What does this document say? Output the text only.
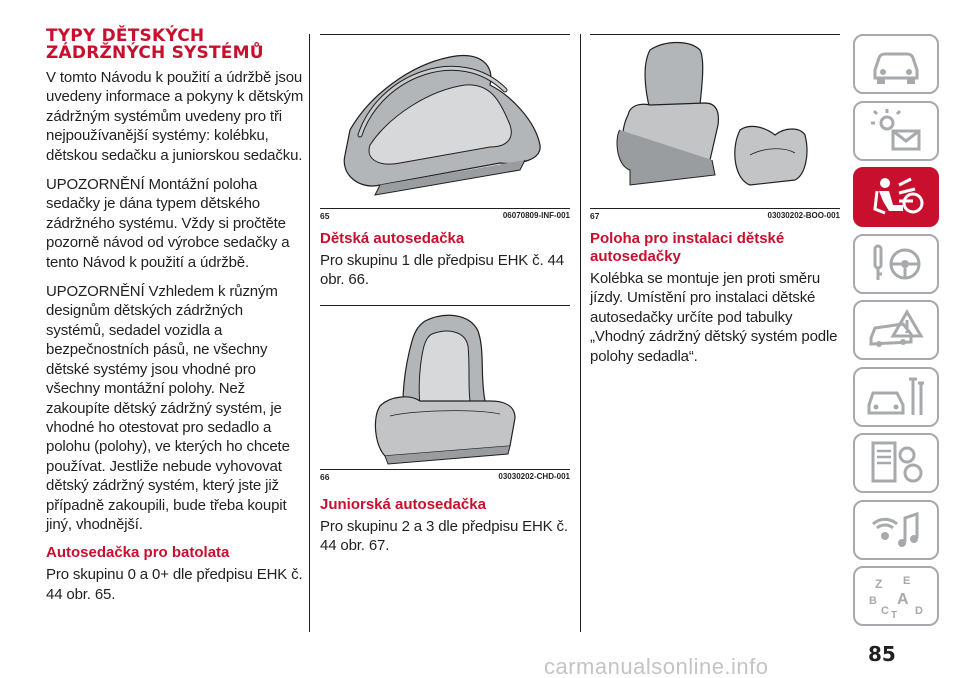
TYPY DĚTSKÝCH
ZÁDRŽNÝCH SYSTÉMŮ

V tomto Návodu k použití a údržbě jsou
uvedeny informace a pokyny k dětským
zádržným systémům uvedeny pro tři
nejpoužívanější systémy: kolébku,
dětskou sedačku a juniorskou sedačku.

UPOZORNĚNÍ Montážní poloha
sedačky je dána typem dětského
zádržného systému. Vždy si pročtěte
pozorně návod od výrobce sedačky a
tento Návod k použití a údržbě.

UPOZORNĚNÍ Vzhledem k různým
designům dětských zádržných
systémů, sedadel vozidla a
bezpečnostních pásů, ne všechny
dětské systémy jsou vhodné pro
všechny montážní polohy. Než
zakoupíte dětský zádržný systém, je
vhodné ho otestovat pro sedadlo a
polohu (polohy), ve kterých ho chcete
používat. Jestliže nebude vyhovovat
dětský zádržný systém, který jste již
případně zakoupili, bude třeba koupit
jiný, vhodnější.

Autosedačka pro batolata

Pro skupinu 0 a 0+ dle předpisu EHK č.
44 obr. 65.

65	06070809-INF-001
Dětská autosedačka

Pro skupinu 1 dle předpisu EHK č. 44
obr. 66.

66	03030202-CHD-001
Juniorská autosedačka

Pro skupinu 2 a 3 dle předpisu EHK č.
44 obr. 67.

67	03030202-BOO-001
Poloha pro instalaci dětské
autosedačky

Kolébka se montuje jen proti směru
jízdy. Umístění pro instalaci dětské
autosedačky určíte pod tabulky
„Vhodný zádržný dětský systém podle
polohy sedadla“.

Z E
B A
C T D
85
carmanualsonline.info
